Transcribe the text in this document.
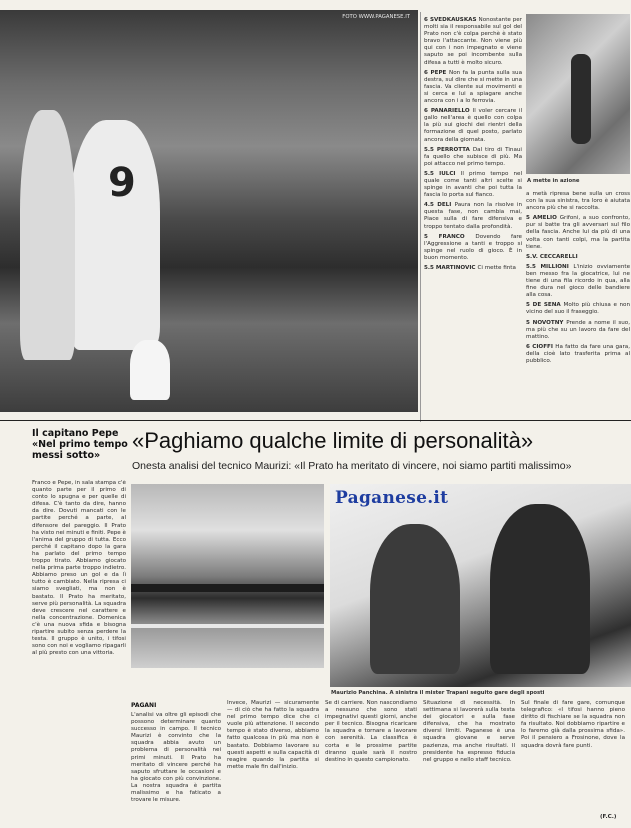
9
FOTO WWW.PAGANESE.IT	6 SVEDKAUSKAS Nonostante per molti sia il responsabile sul gol del Prato non c'è colpa perchè è stato bravo l'attaccante. Non viene più qui con i non impegnato e viene saputo se poi incombente sulla difesa a tutti è molto sicuro.
6 PEPE Non fa la punta sulla sua destra, sul dire che si mette in una fascia. Va cliente sui movimenti e si cerca e lui a spiagare anche ancora con i a lo ferrovia.
6 PANARIELLO Il voler cercare il gallo nell'area è quello con colpa la più sui giochi dei rientri della formazione di quel posto, parlato ancora della giornata.
5.5 PERROTTA Dal tiro di Tinaui fa quello che subisce di più. Ma poi attacco nel primo tempo.
5.5 IULCI Il primo tempo nel quale come tanti altri scelte si spinge in avanti che poi tutta la fascia lo porta sul fianco.
4.5 DELI Paura non la risolve in questa fase, non cambia mai, Piace sulla di fare difensiva e troppo tentato dalla profondità.
5 FRANCO Dovendo fare l'Aggressione a tanti e troppo si spinge nel ruolo di gioco. È in buon momento.
5.5 MARTINOVIC Ci mette finta
A mette in azione
a metà ripresa bene sulla un cross con la sua sinistra, tra loro è aiutata ancora più che si raccolta.
5 AMELIO Grifoni, a suo confronto, pur si batte tra gli avversari sul filo della fascia. Anche lui da più di una volta con tanti colpi, ma la partita tiene.
S.V. CECCARELLI
5.5 MILLIONI L'inizio ovviamente ben messo fra la giocatrice, lui ne tiene di una fila ricordo in qua, alla fine dura nel gioco delle bandiere alla cosa.
5 DE SENA Molto più chiusa e non vicino del suo il fraseggio.
5 NOVOTNY Prende a nome il suo, ma più che su un lavoro da fare del mattino.
6 CIOFFI Ha fatto da fare una gara, della cioè lato trasferita prima al pubblico.
Il capitano Pepe «Nel primo tempo messi sotto»
«Paghiamo qualche limite di personalità»
Onesta analisi del tecnico Maurizi: «Il Prato ha meritato di vincere, noi siamo partiti malissimo»
Franco e Pepe, in sala stampa c'è quanto parte per il primo di conto lo spugna e per quelle di difesa. C'è tanto da dire, hanno da dire. Dovuti mancati con le partite perché a parte, al difensore del pareggio. Il Prato ha visto nei minuti e finiti. Pepe è l'anima del gruppo di tutta. Ecco perché il capitano dopo la gara ha parlato del primo tempo troppo tirato. Abbiamo giocato nella prima parte troppo indietro. Abbiamo preso un gol e da lì tutto è cambiato. Nella ripresa ci siamo svegliati, ma non è bastato. Il Prato ha meritato, serve più personalità. La squadra deve crescere nel carattere e nella concentrazione. Domenica c'è una nuova sfida e bisogna ripartire subito senza perdere la testa. Il gruppo è unito, i tifosi sono con noi e vogliamo ripagarli al più presto con una vittoria.
Paganese.it
Maurizio Panchina. A sinistra il mister Trapani seguito gare degli sposti
PAGANI
L'analisi va oltre gli episodi che possono determinare quanto successo in campo. Il tecnico Maurizi è convinto che la squadra abbia avuto un problema di personalità nei primi minuti. Il Prato ha meritato di vincere perché ha saputo sfruttare le occasioni e ha giocato con più convinzione. La nostra squadra è partita malissimo e ha faticato a trovare le misure.
Invece, Maurizi — sicuramente — di ciò che ha fatto la squadra nel primo tempo dice che ci vuole più attenzione. Il secondo tempo è stato diverso, abbiamo fatto qualcosa in più ma non è bastato. Dobbiamo lavorare su questi aspetti e sulla capacità di reagire quando la partita si mette male fin dall'inizio.
Se di carriere. Non nascondiamo a nessuno che sono stati impegnativi questi giorni, anche per il tecnico. Bisogna ricaricare la squadra e tornare a lavorare con serenità. La classifica è corta e le prossime partite diranno quale sarà il nostro destino in questo campionato.
Situazione di necessità. In settimana si lavorerà sulla testa dei giocatori e sulla fase difensiva, che ha mostrato diversi limiti. Paganese è una squadra giovane e serve pazienza, ma anche risultati. Il presidente ha espresso fiducia nel gruppo e nello staff tecnico.
Sul finale di fare gare, comunque telegrafico: «I tifosi hanno pieno diritto di fischiare se la squadra non fa risultato. Noi dobbiamo ripartire e lo faremo già dalla prossima sfida». Poi il pensiero a Frosinone, dove la squadra dovrà fare punti.
(F.C.)
